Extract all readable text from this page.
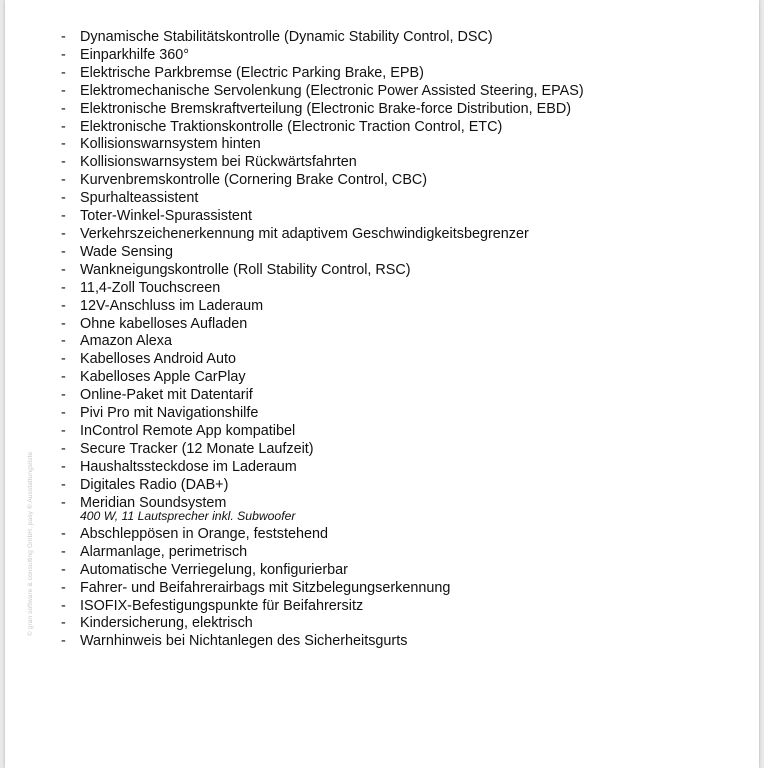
- Dynamische Stabilitätskontrolle (Dynamic Stability Control, DSC)
- Einparkhilfe 360°
- Elektrische Parkbremse (Electric Parking Brake, EPB)
- Elektromechanische Servolenkung (Electronic Power Assisted Steering, EPAS)
- Elektronische Bremskraftverteilung (Electronic Brake-force Distribution, EBD)
- Elektronische Traktionskontrolle (Electronic Traction Control, ETC)
- Kollisionswarnsystem hinten
- Kollisionswarnsystem bei Rückwärtsfahrten
- Kurvenbremskontrolle (Cornering Brake Control, CBC)
- Spurhalteassistent
- Toter-Winkel-Spurassistent
- Verkehrszeichenerkennung mit adaptivem Geschwindigkeitsbegrenzer
- Wade Sensing
- Wankneigungskontrolle (Roll Stability Control, RSC)
- 11,4-Zoll Touchscreen
- 12V-Anschluss im Laderaum
- Ohne kabelloses Aufladen
- Amazon Alexa
- Kabelloses Android Auto
- Kabelloses Apple CarPlay
- Online-Paket mit Datentarif
- Pivi Pro mit Navigationshilfe
- InControl Remote App kompatibel
- Secure Tracker (12 Monate Laufzeit)
- Haushaltssteckdose im Laderaum
- Digitales Radio (DAB+)
- Meridian Soundsystem
400 W, 11 Lautsprecher inkl. Subwoofer
- Abschleppösen in Orange, feststehend
- Alarmanlage, perimetrisch
- Automatische Verriegelung, konfigurierbar
- Fahrer- und Beifahrerairbags mit Sitzbelegungserkennung
- ISOFIX-Befestigungspunkte für Beifahrersitz
- Kindersicherung, elektrisch
- Warnhinweis bei Nichtanlegen des Sicherheitsgurts
© gran software & consulting GmbH, pasy ® Ausstattungsliste
